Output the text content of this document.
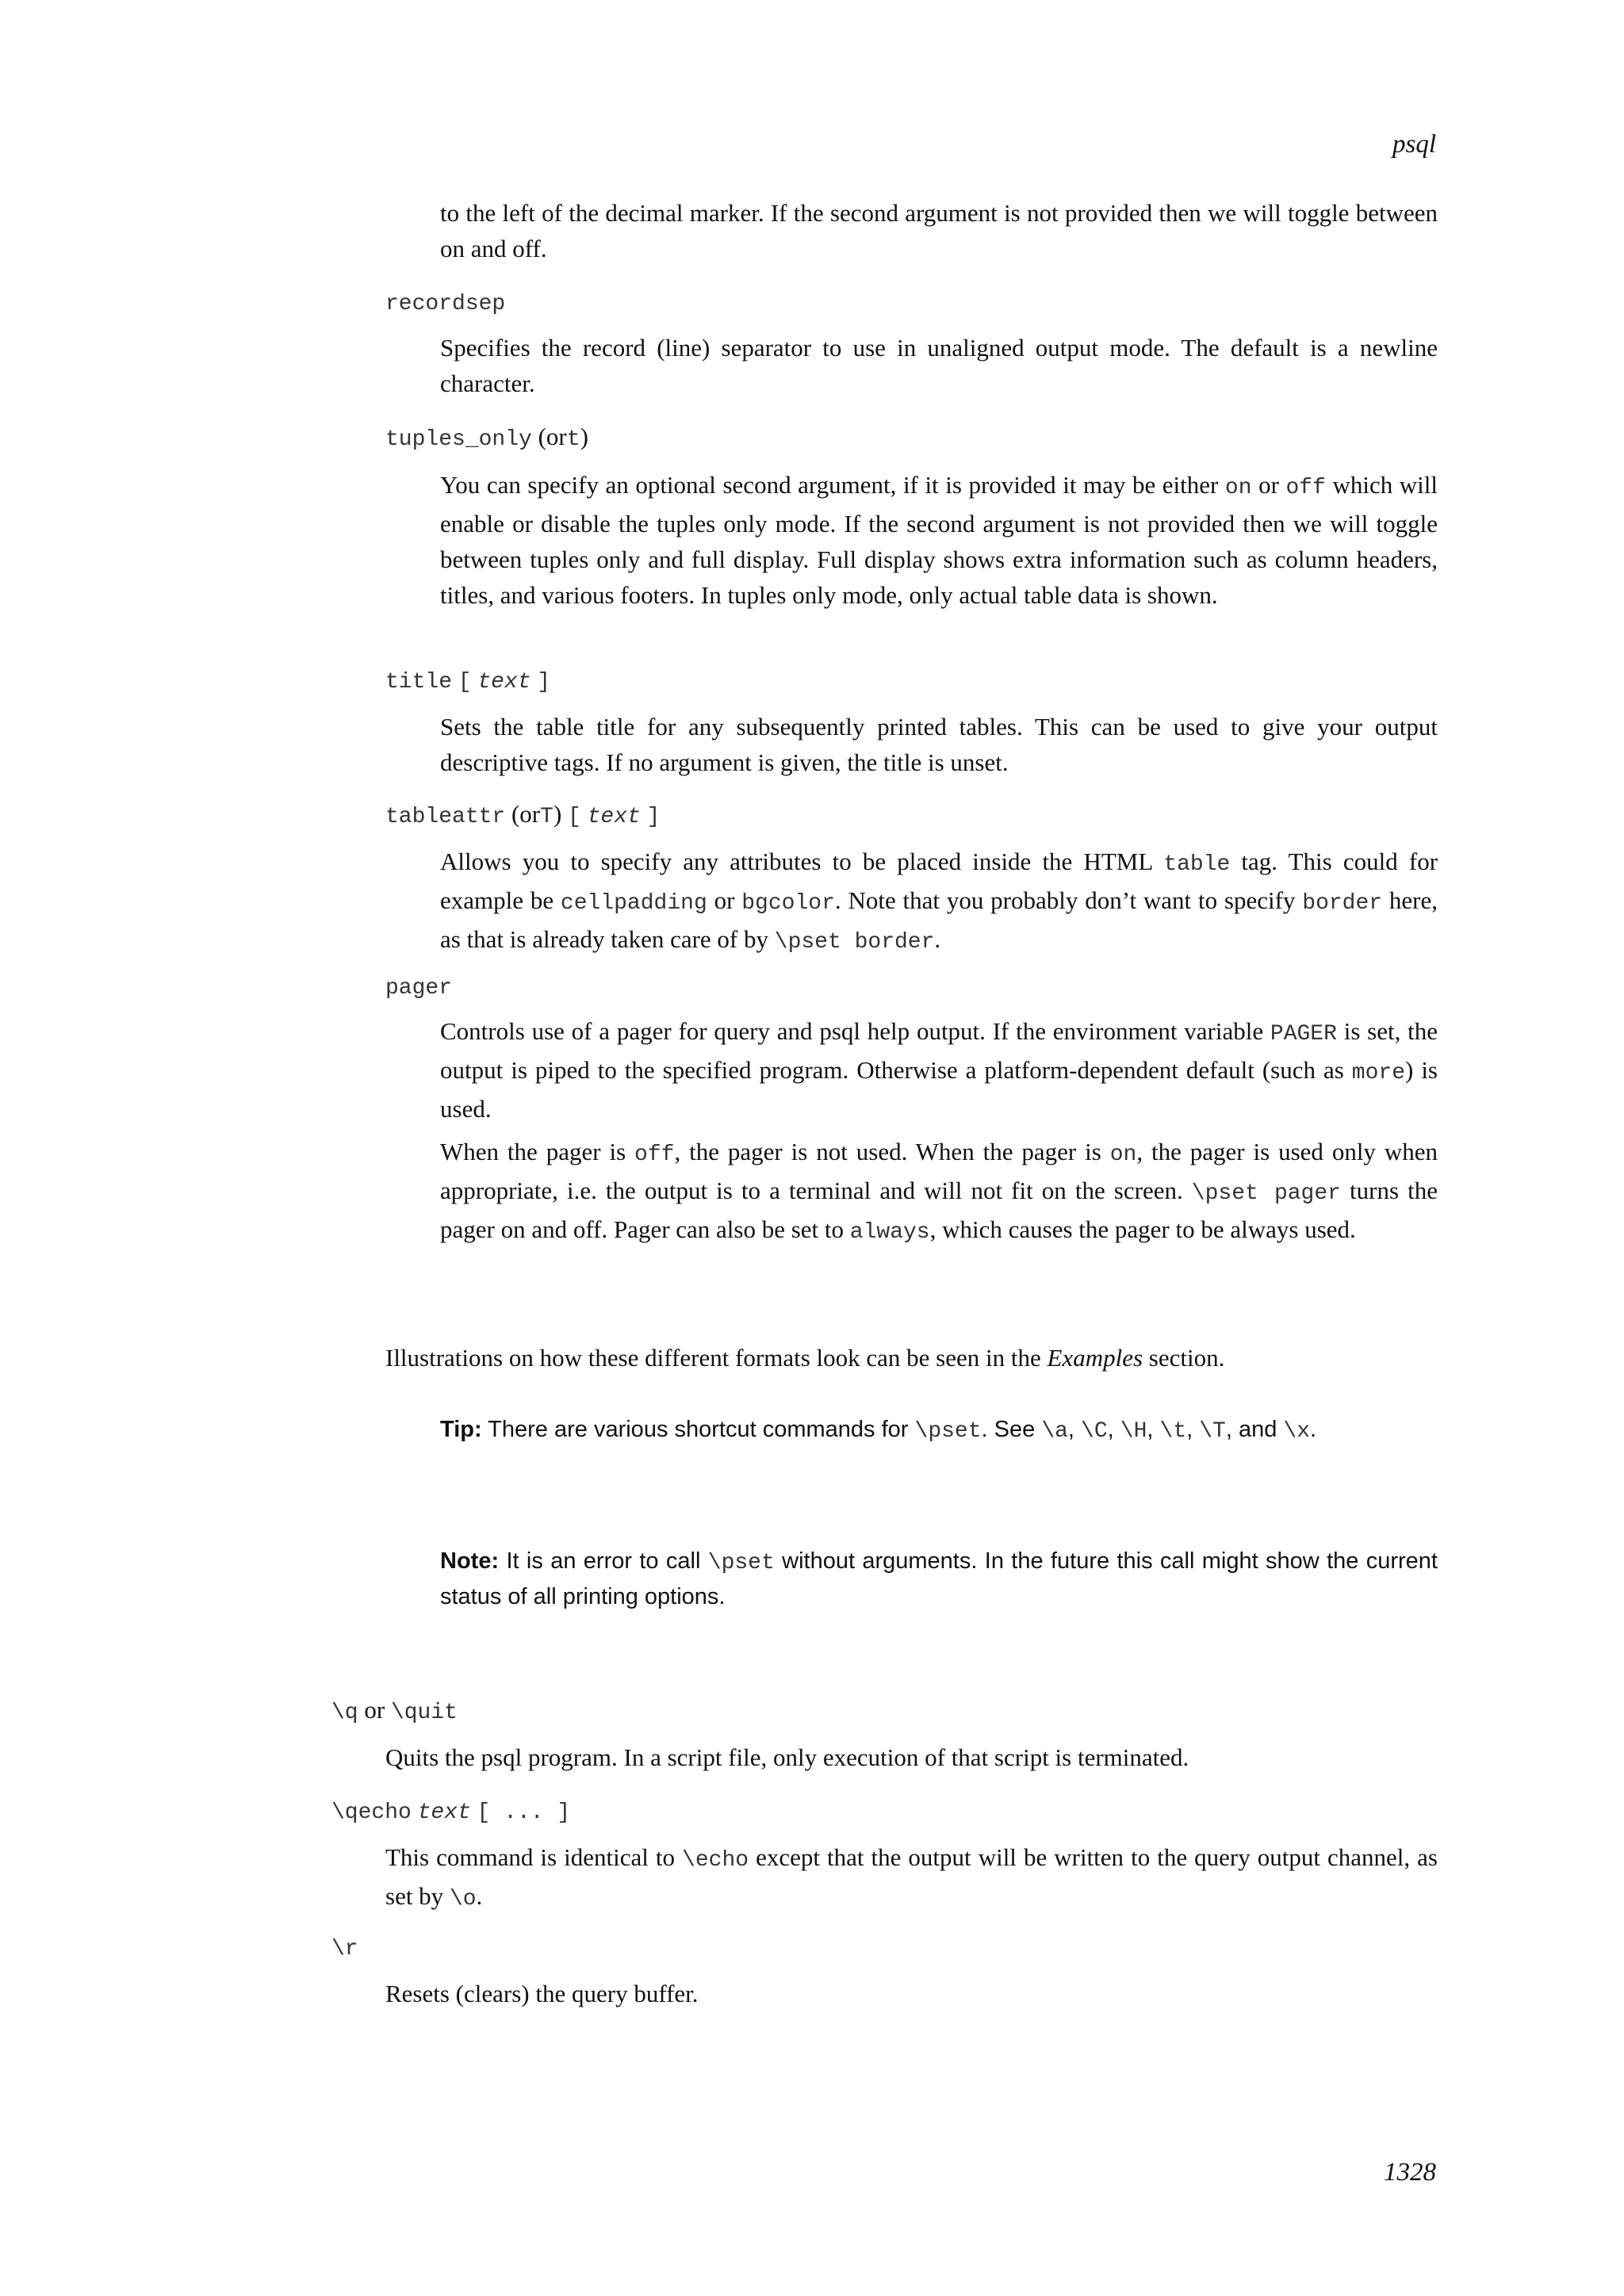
psql
to the left of the decimal marker. If the second argument is not provided then we will toggle between on and off.
recordsep
Specifies the record (line) separator to use in unaligned output mode. The default is a newline character.
tuples_only (ort)
You can specify an optional second argument, if it is provided it may be either on or off which will enable or disable the tuples only mode. If the second argument is not provided then we will toggle between tuples only and full display. Full display shows extra information such as column headers, titles, and various footers. In tuples only mode, only actual table data is shown.
title [ text ]
Sets the table title for any subsequently printed tables. This can be used to give your output descriptive tags. If no argument is given, the title is unset.
tableattr (orT) [ text ]
Allows you to specify any attributes to be placed inside the HTML table tag. This could for example be cellpadding or bgcolor. Note that you probably don’t want to specify border here, as that is already taken care of by \pset border.
pager
Controls use of a pager for query and psql help output. If the environment variable PAGER is set, the output is piped to the specified program. Otherwise a platform-dependent default (such as more) is used.
When the pager is off, the pager is not used. When the pager is on, the pager is used only when appropriate, i.e. the output is to a terminal and will not fit on the screen. \pset pager turns the pager on and off. Pager can also be set to always, which causes the pager to be always used.
Illustrations on how these different formats look can be seen in the Examples section.
Tip: There are various shortcut commands for \pset. See \a, \C, \H, \t, \T, and \x.
Note: It is an error to call \pset without arguments. In the future this call might show the current status of all printing options.
\q or \quit
Quits the psql program. In a script file, only execution of that script is terminated.
\qecho text [ ... ]
This command is identical to \echo except that the output will be written to the query output channel, as set by \o.
\r
Resets (clears) the query buffer.
1328
